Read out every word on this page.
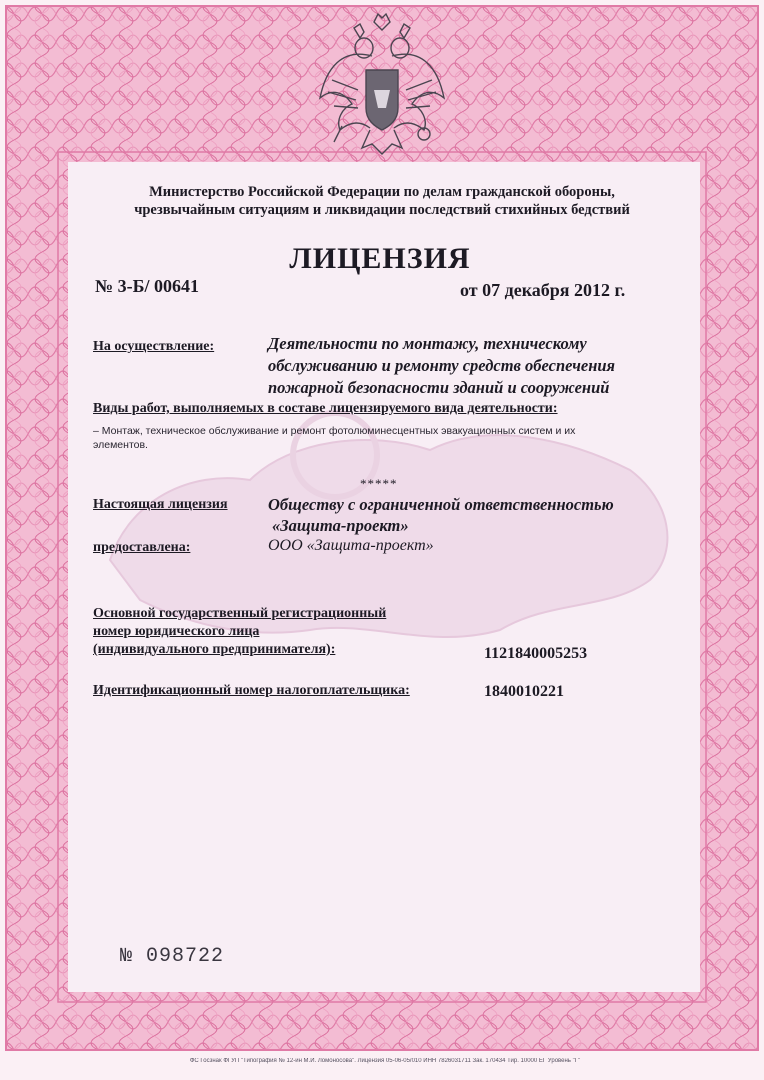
Министерство Российской Федерации по делам гражданской обороны,
чрезвычайным ситуациям и ликвидации последствий стихийных бедствий
ЛИЦЕНЗИЯ
№ 3-Б/ 00641	от 07 декабря 2012 г.
На осуществление:	Деятельности по монтажу, техническому
обслуживанию и ремонту средств обеспечения
пожарной безопасности зданий и сооружений
Виды работ, выполняемых в составе лицензируемого вида деятельности:
– Монтаж, техническое обслуживание и ремонт фотолюминесцентных эвакуационных систем и их
элементов.
*****
Настоящая лицензия
предоставлена:
Обществу с ограниченной ответственностью
«Защита-проект»
ООО «Защита-проект»
Основной государственный регистрационный
номер юридического лица
(индивидуального предпринимателя):	1121840005253
Идентификационный номер налогоплательщика:	1840010221
№ 098722
ФС Госзнак ФГУП "Типография № 12-ин М.И. Ломоносова". Лицензия 05-06-05/010 ИНН 7826031711 Зак. 170434 Тир. 10000 ЕГ Уровень "Г"
